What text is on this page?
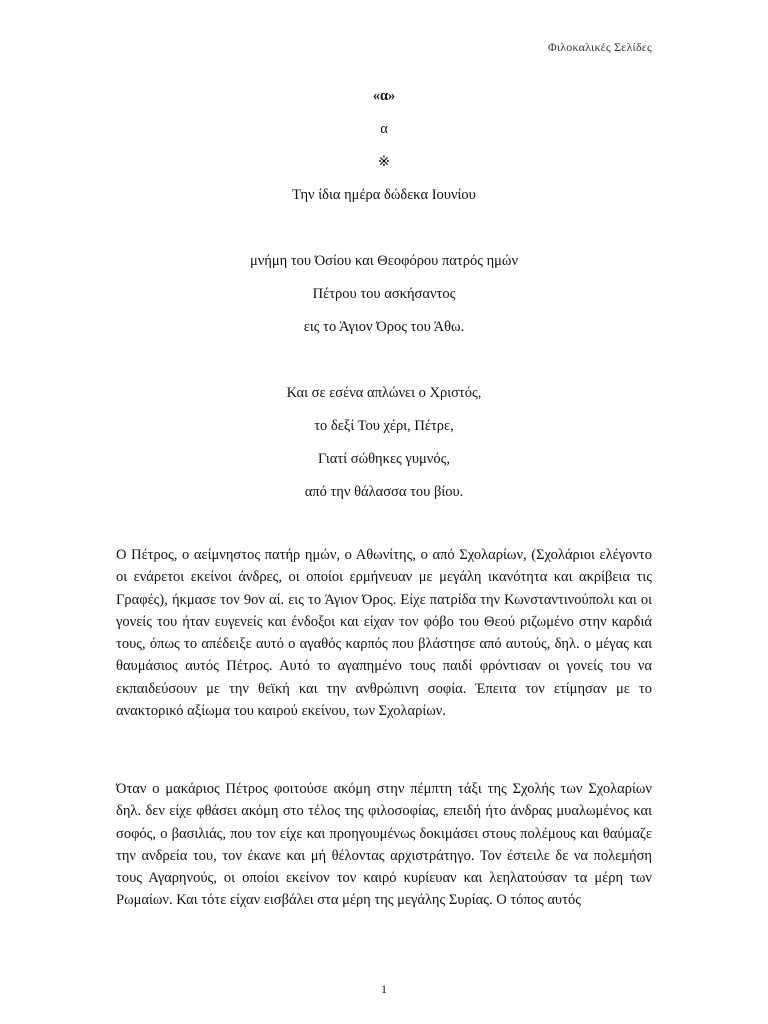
Φιλοκαλικές Σελίδες
«α»
α
※
Την ίδια ημέρα δώδεκα Ιουνίου
μνήμη του Όσίου και Θεοφόρου πατρός ημών
Πέτρου του ασκήσαντος
εις το Άγιον Όρος του Άθω.
Και σε εσένα απλώνει ο Χριστός,
το δεξί Του χέρι, Πέτρε,
Γιατί σώθηκες γυμνός,
από την θάλασσα του βίου.
Ο Πέτρος, ο αείμνηστος πατήρ ημών, ο Αθωνίτης, ο από Σχολαρίων, (Σχολάριοι ελέγοντο οι ενάρετοι εκείνοι άνδρες, οι οποίοι ερμήνευαν με μεγάλη ικανότητα και ακρίβεια τις Γραφές), ήκμασε τον 9ον αί. εις το Άγιον Όρος. Είχε πατρίδα την Κωνσταντινούπολι και οι γονείς του ήταν ευγενείς και ένδοξοι και είχαν τον φόβο του Θεού ριζωμένο στην καρδιά τους, όπως το απέδειξε αυτό ο αγαθός καρπός που βλάστησε από αυτούς, δηλ. ο μέγας και θαυμάσιος αυτός Πέτρος. Αυτό το αγαπημένο τους παιδί φρόντισαν οι γονείς του να εκπαιδεύσουν με την θεϊκή και την ανθρώπινη σοφία. Έπειτα τον ετίμησαν με το ανακτορικό αξίωμα του καιρού εκείνου, των Σχολαρίων.
Όταν ο μακάριος Πέτρος φοιτούσε ακόμη στην πέμπτη τάξι της Σχολής των Σχολαρίων δηλ. δεν είχε φθάσει ακόμη στο τέλος της φιλοσοφίας, επειδή ήτο άνδρας μυαλωμένος και σοφός, ο βασιλιάς, που τον είχε και προηγουμένως δοκιμάσει στους πολέμους και θαύμαζε την ανδρεία του, τον έκανε και μή θέλοντας αρχιστράτηγο. Τον έστειλε δε να πολεμήση τους Αγαρηνούς, οι οποίοι εκείνον τον καιρό κυρίευαν και λεηλατούσαν τα μέρη των Ρωμαίων. Και τότε είχαν εισβάλει στα μέρη της μεγάλης Συρίας. Ο τόπος αυτός
1
